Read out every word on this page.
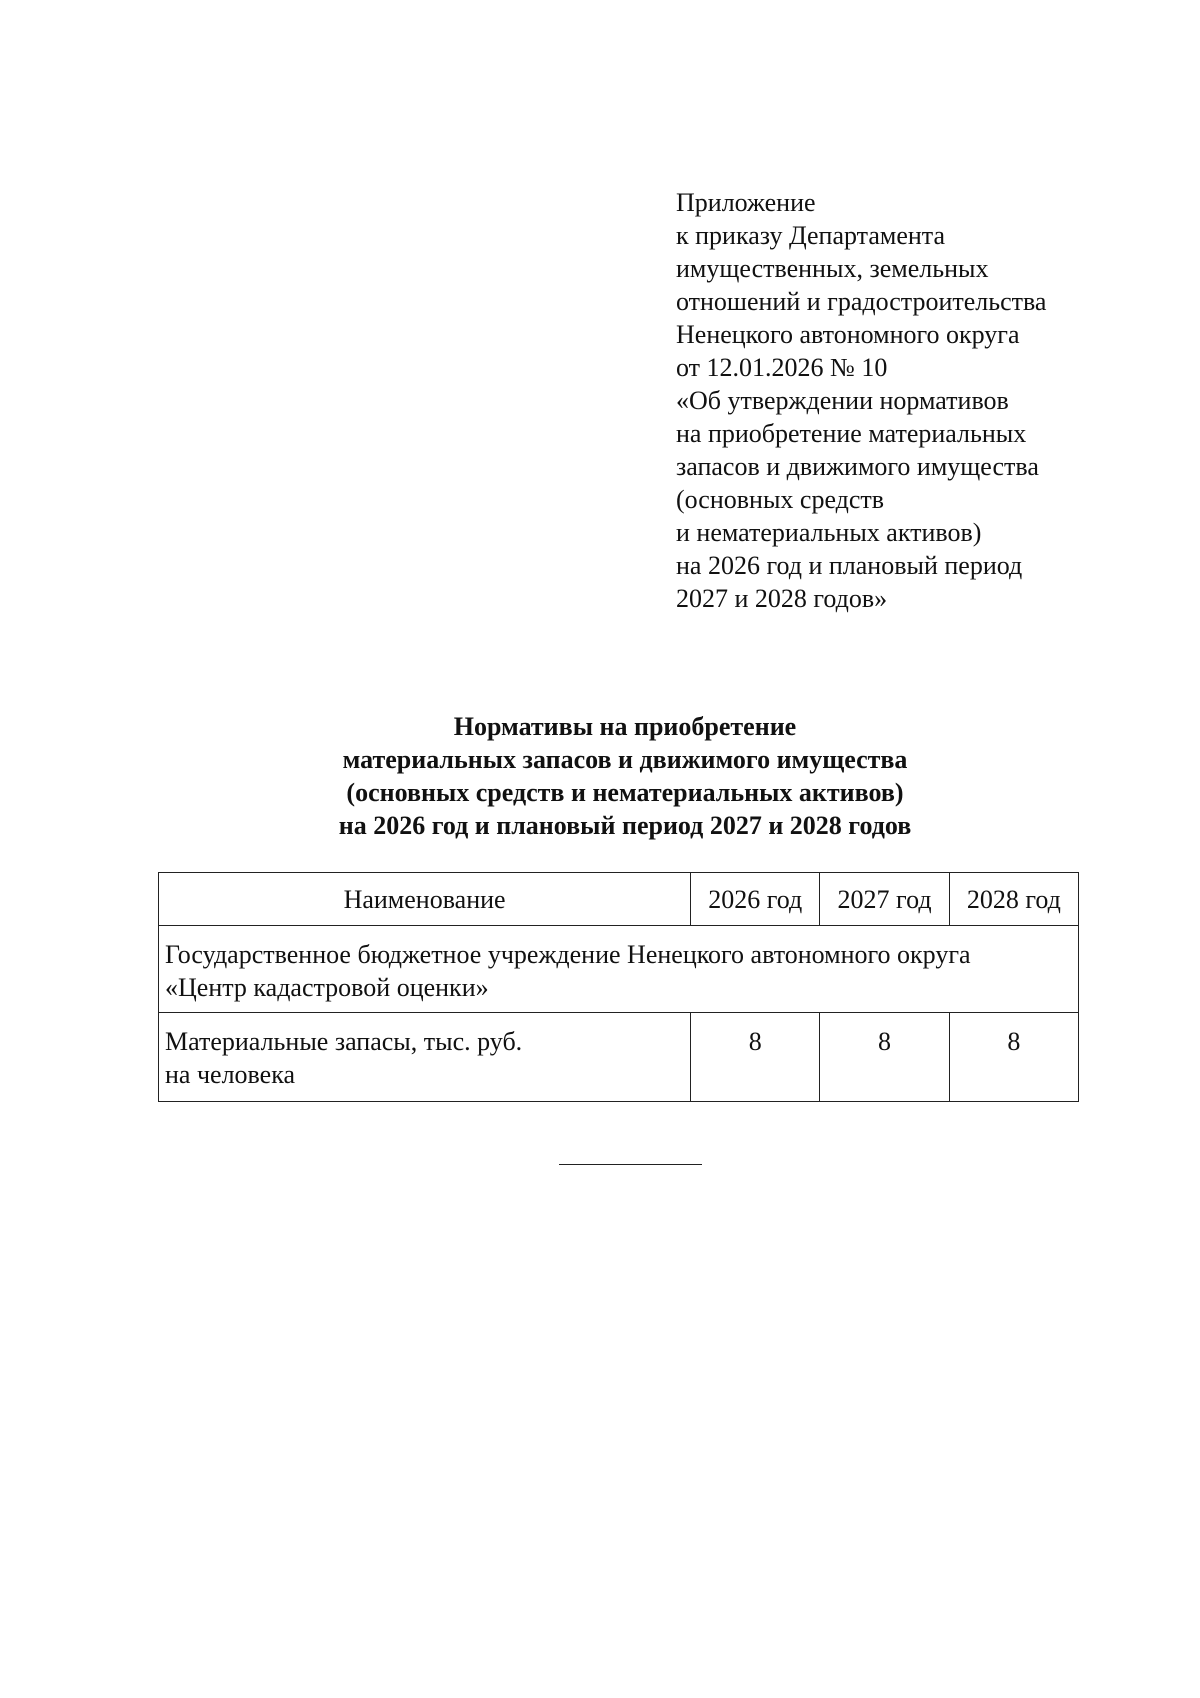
Приложение
к приказу Департамента
имущественных, земельных
отношений и градостроительства
Ненецкого автономного округа
от 12.01.2026 № 10
«Об утверждении нормативов
на приобретение материальных
запасов и движимого имущества
(основных средств
и нематериальных активов)
на 2026 год и плановый период
2027 и 2028 годов»
Нормативы на приобретение
материальных запасов и движимого имущества
(основных средств и нематериальных активов)
на 2026 год и плановый период 2027 и 2028 годов
Наименование	2026 год	2027 год	2028 год

Государственное бюджетное учреждение Ненецкого автономного округа
«Центр кадастровой оценки»			

Материальные запасы, тыс. руб.
на человека	8	8	8
